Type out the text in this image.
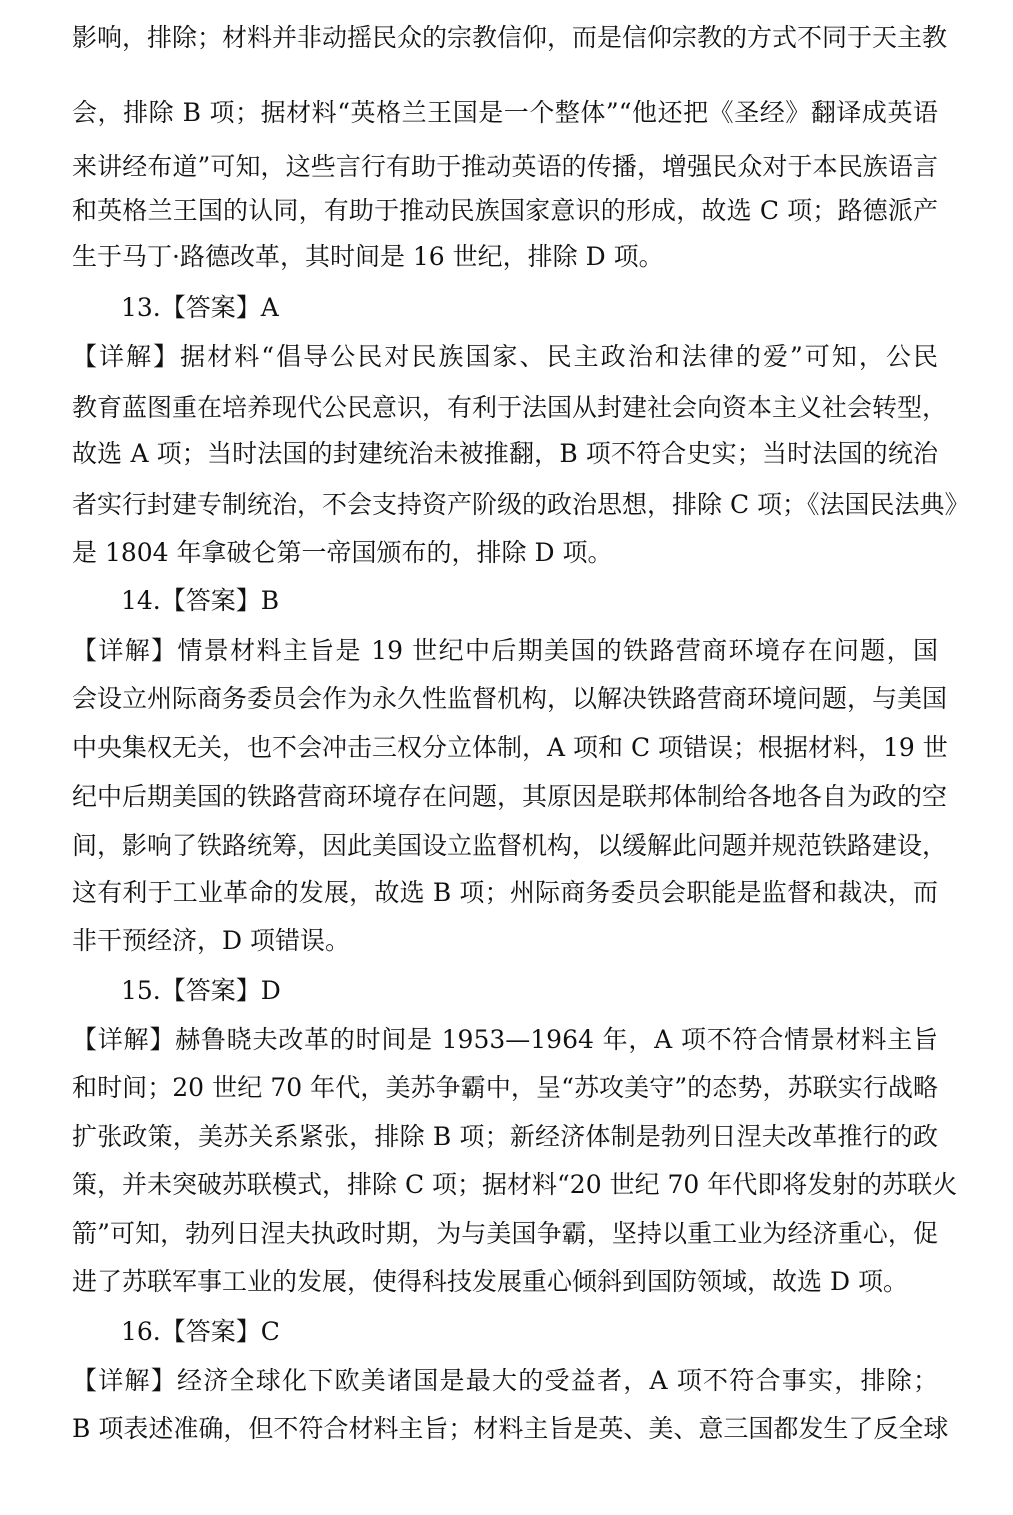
影响，排除；材料并非动摇民众的宗教信仰，而是信仰宗教的方式不同于天主教
会，排除 B 项；据材料“英格兰王国是一个整体”“他还把《圣经》翻译成英语
来讲经布道”可知，这些言行有助于推动英语的传播，增强民众对于本民族语言
和英格兰王国的认同，有助于推动民族国家意识的形成，故选 C 项；路德派产
生于马丁·路德改革，其时间是 16 世纪，排除 D 项。
13.【答案】A
【详解】据材料“倡导公民对民族国家、民主政治和法律的爱”可知，公民
教育蓝图重在培养现代公民意识，有利于法国从封建社会向资本主义社会转型，
故选 A 项；当时法国的封建统治未被推翻，B 项不符合史实；当时法国的统治
者实行封建专制统治，不会支持资产阶级的政治思想，排除 C 项；《法国民法典》
是 1804 年拿破仑第一帝国颁布的，排除 D 项。
14.【答案】B
【详解】情景材料主旨是 19 世纪中后期美国的铁路营商环境存在问题，国
会设立州际商务委员会作为永久性监督机构，以解决铁路营商环境问题，与美国
中央集权无关，也不会冲击三权分立体制，A 项和 C 项错误；根据材料，19 世
纪中后期美国的铁路营商环境存在问题，其原因是联邦体制给各地各自为政的空
间，影响了铁路统筹，因此美国设立监督机构，以缓解此问题并规范铁路建设，
这有利于工业革命的发展，故选 B 项；州际商务委员会职能是监督和裁决，而
非干预经济，D 项错误。
15.【答案】D
【详解】赫鲁晓夫改革的时间是 1953—1964 年，A 项不符合情景材料主旨
和时间；20 世纪 70 年代，美苏争霸中，呈“苏攻美守”的态势，苏联实行战略
扩张政策，美苏关系紧张，排除 B 项；新经济体制是勃列日涅夫改革推行的政
策，并未突破苏联模式，排除 C 项；据材料“20 世纪 70 年代即将发射的苏联火
箭”可知，勃列日涅夫执政时期，为与美国争霸，坚持以重工业为经济重心，促
进了苏联军事工业的发展，使得科技发展重心倾斜到国防领域，故选 D 项。
16.【答案】C
【详解】经济全球化下欧美诸国是最大的受益者，A 项不符合事实，排除；
B 项表述准确，但不符合材料主旨；材料主旨是英、美、意三国都发生了反全球
